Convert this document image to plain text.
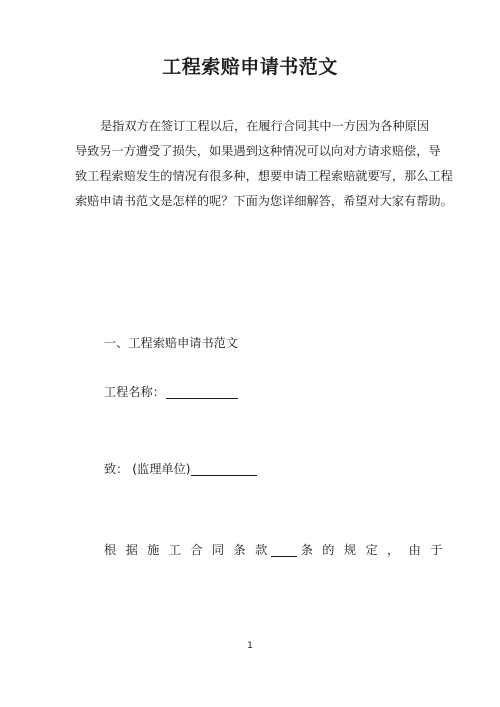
工程索赔申请书范文
是指双方在签订工程以后，在履行合同其中一方因为各种原因
导致另一方遭受了损失，如果遇到这种情况可以向对方请求赔偿，导
致工程索赔发生的情况有很多种，想要申请工程索赔就要写，那么工程
索赔申请书范文是怎样的呢？下面为您详细解答，希望对大家有帮助。
一、工程索赔申请书范文
工程名称：
致： (监理单位)
根据施工合同条款 条的规定，由于
1
